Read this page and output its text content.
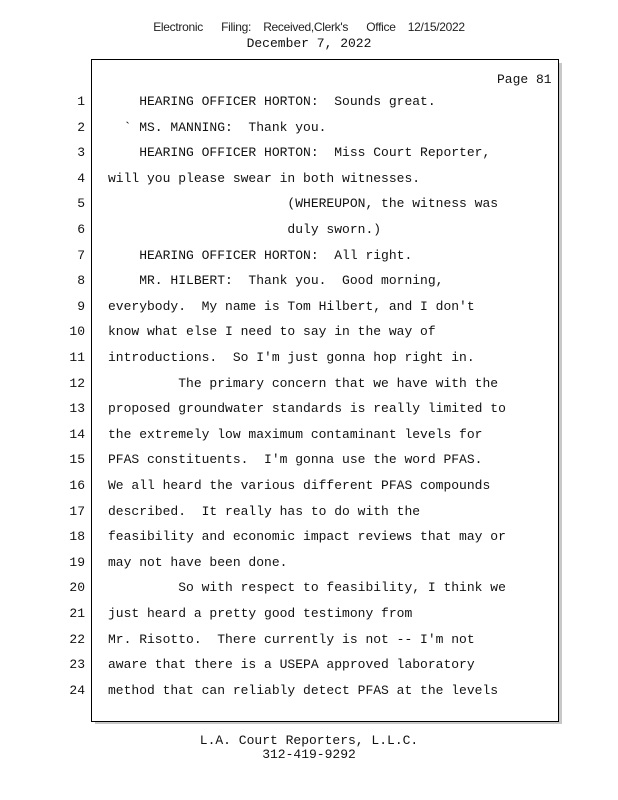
Electronic Filing: Received,Clerk's Office 12/15/2022
December 7, 2022
Page 81
1 HEARING OFFICER HORTON:  Sounds great.
2 ` MS. MANNING:  Thank you.
3 HEARING OFFICER HORTON:  Miss Court Reporter,
4 will you please swear in both witnesses.
5 (WHEREUPON, the witness was
6 duly sworn.)
7 HEARING OFFICER HORTON:  All right.
8 MR. HILBERT:  Thank you.  Good morning,
9 everybody.  My name is Tom Hilbert, and I don't
10 know what else I need to say in the way of
11 introductions.  So I'm just gonna hop right in.
12 The primary concern that we have with the
13 proposed groundwater standards is really limited to
14 the extremely low maximum contaminant levels for
15 PFAS constituents.  I'm gonna use the word PFAS.
16 We all heard the various different PFAS compounds
17 described.  It really has to do with the
18 feasibility and economic impact reviews that may or
19 may not have been done.
20 So with respect to feasibility, I think we
21 just heard a pretty good testimony from
22 Mr. Risotto.  There currently is not -- I'm not
23 aware that there is a USEPA approved laboratory
24 method that can reliably detect PFAS at the levels
L.A. Court Reporters, L.L.C.
312-419-9292
